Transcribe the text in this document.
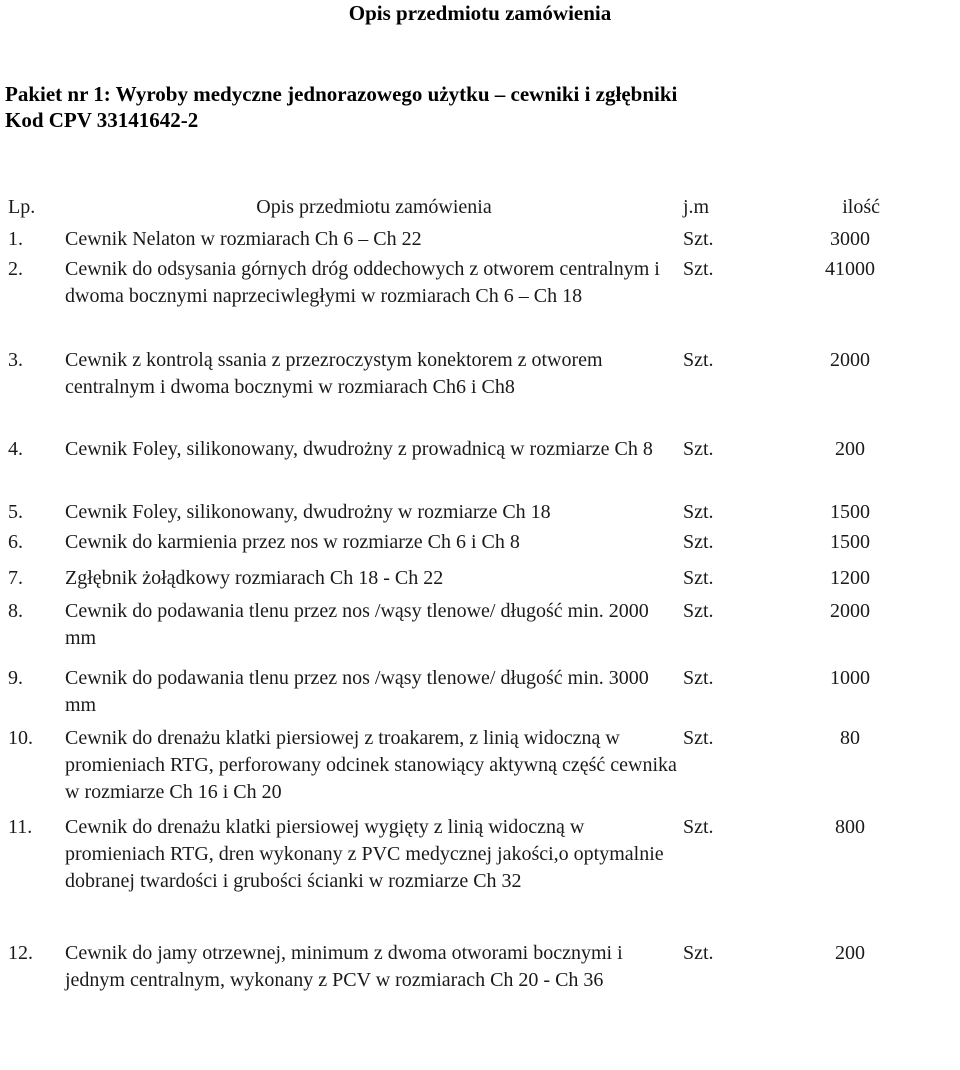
Opis przedmiotu zamówienia
Pakiet nr 1: Wyroby medyczne jednorazowego użytku – cewniki i zgłębniki
Kod CPV 33141642-2
Lp.	Opis przedmiotu zamówienia	j.m	ilość	
1.	Cewnik Nelaton w rozmiarach Ch 6 – Ch 22	Szt.	3000	
2.	Cewnik do odsysania górnych dróg oddechowych z otworem centralnym i dwoma bocznymi naprzeciwległymi w rozmiarach Ch 6 – Ch 18	Szt.	41000	
3.	Cewnik z kontrolą ssania z przezroczystym konektorem z otworem centralnym i dwoma bocznymi w rozmiarach Ch6 i Ch8	Szt.	2000	
4.	Cewnik Foley, silikonowany, dwudrożny z prowadnicą w rozmiarze Ch 8	Szt.	200	
5.	Cewnik Foley, silikonowany, dwudrożny w rozmiarze Ch 18	Szt.	1500	
6.	Cewnik do karmienia przez nos w rozmiarze Ch 6 i Ch 8	Szt.	1500	
7.	Zgłębnik żołądkowy rozmiarach Ch 18 - Ch 22	Szt.	1200	
8.	Cewnik do podawania tlenu przez nos /wąsy tlenowe/ długość min. 2000 mm	Szt.	2000	
9.	Cewnik do podawania tlenu przez nos /wąsy tlenowe/ długość min. 3000 mm	Szt.	1000	
10.	Cewnik do drenażu klatki piersiowej z troakarem, z linią widoczną w promieniach RTG, perforowany odcinek stanowiący aktywną część cewnika w rozmiarze Ch 16 i Ch 20	Szt.	80	
11.	Cewnik do drenażu klatki piersiowej wygięty z linią widoczną w promieniach RTG, dren wykonany z PVC medycznej jakości,o optymalnie dobranej twardości i grubości ścianki w rozmiarze Ch 32	Szt.	800	
12.	Cewnik do jamy otrzewnej, minimum z dwoma otworami bocznymi i jednym centralnym, wykonany z PCV w rozmiarach Ch 20 - Ch 36	Szt.	200	
